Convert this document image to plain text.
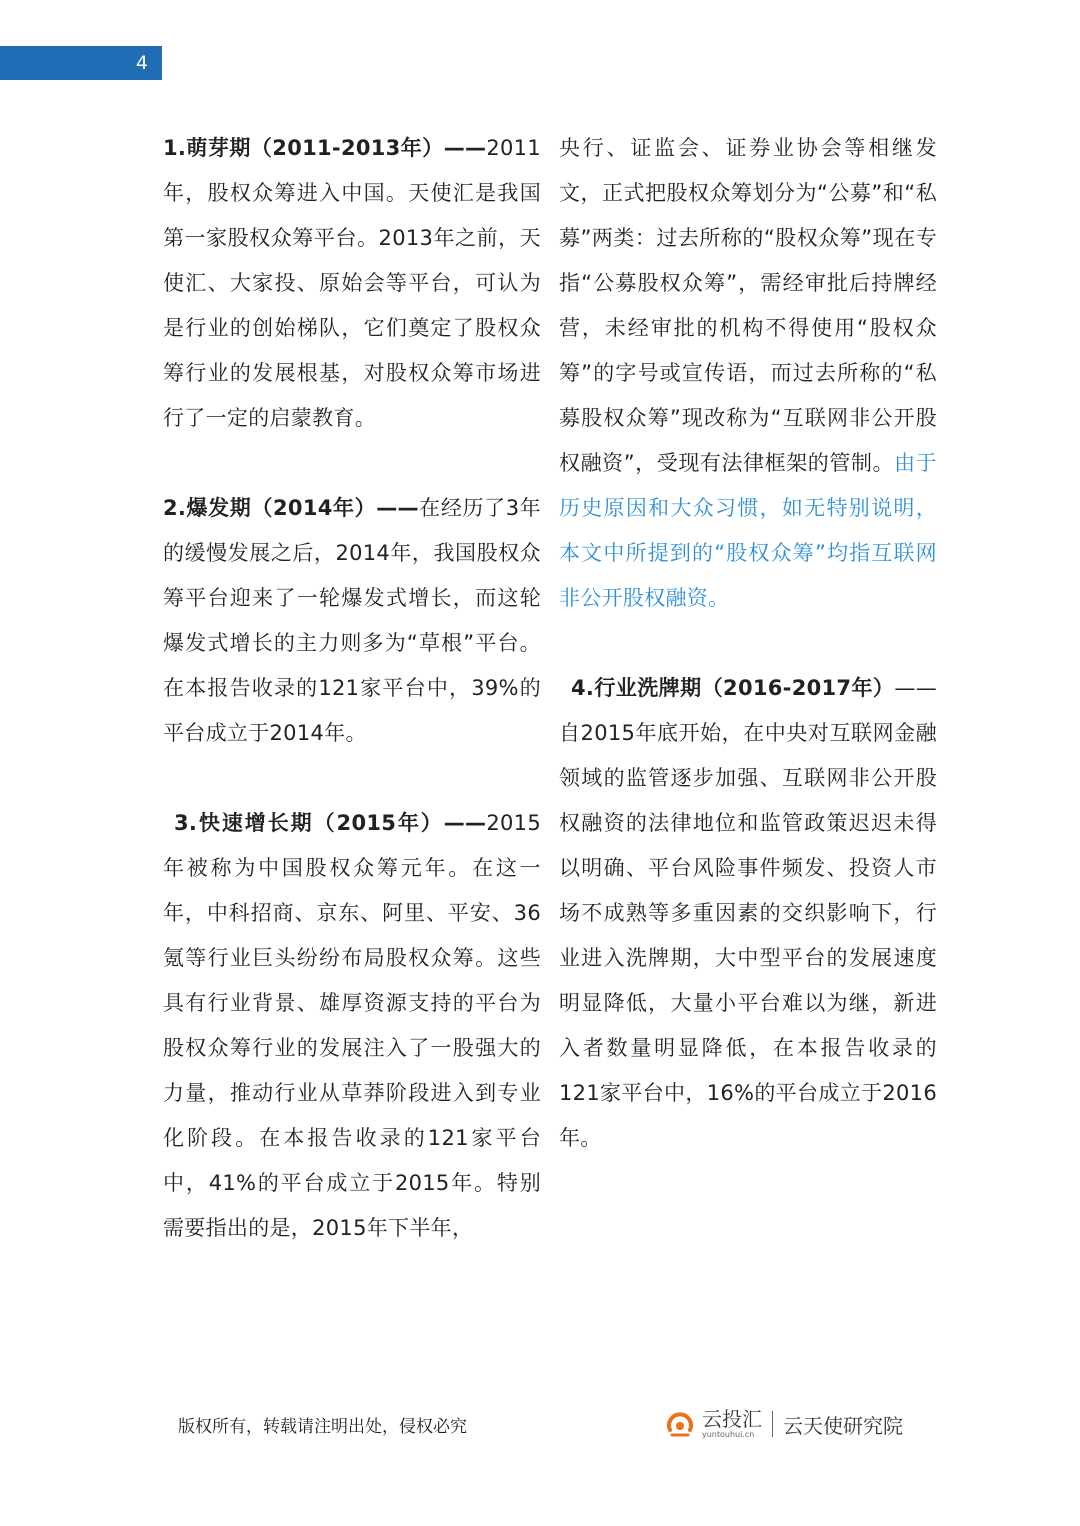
4

1.萌芽期（2011-2013年）——2011年，股权众筹进入中国。天使汇是我国第一家股权众筹平台。2013年之前，天使汇、大家投、原始会等平台，可认为是行业的创始梯队，它们奠定了股权众筹行业的发展根基，对股权众筹市场进行了一定的启蒙教育。

2.爆发期（2014年）——在经历了3年的缓慢发展之后，2014年，我国股权众筹平台迎来了一轮爆发式增长，而这轮爆发式增长的主力则多为“草根”平台。在本报告收录的121家平台中，39%的平台成立于2014年。

3.快速增长期（2015年）——2015年被称为中国股权众筹元年。在这一年，中科招商、京东、阿里、平安、36氪等行业巨头纷纷布局股权众筹。这些具有行业背景、雄厚资源支持的平台为股权众筹行业的发展注入了一股强大的力量，推动行业从草莽阶段进入到专业化阶段。在本报告收录的121家平台中，41%的平台成立于2015年。特别需要指出的是，2015年下半年，

央行、证监会、证券业协会等相继发文，正式把股权众筹划分为“公募”和“私募”两类：过去所称的“股权众筹”现在专指“公募股权众筹”，需经审批后持牌经营，未经审批的机构不得使用“股权众筹”的字号或宣传语，而过去所称的“私募股权众筹”现改称为“互联网非公开股权融资”，受现有法律框架的管制。由于历史原因和大众习惯，如无特别说明，本文中所提到的“股权众筹”均指互联网非公开股权融资。

4.行业洗牌期（2016-2017年）——自2015年底开始，在中央对互联网金融领域的监管逐步加强、互联网非公开股权融资的法律地位和监管政策迟迟未得以明确、平台风险事件频发、投资人市场不成熟等多重因素的交织影响下，行业进入洗牌期，大中型平台的发展速度明显降低，大量小平台难以为继，新进入者数量明显降低，在本报告收录的121家平台中，16%的平台成立于2016年。

版权所有，转载请注明出处，侵权必究	云投汇
yuntouhui.cn 云天使研究院
